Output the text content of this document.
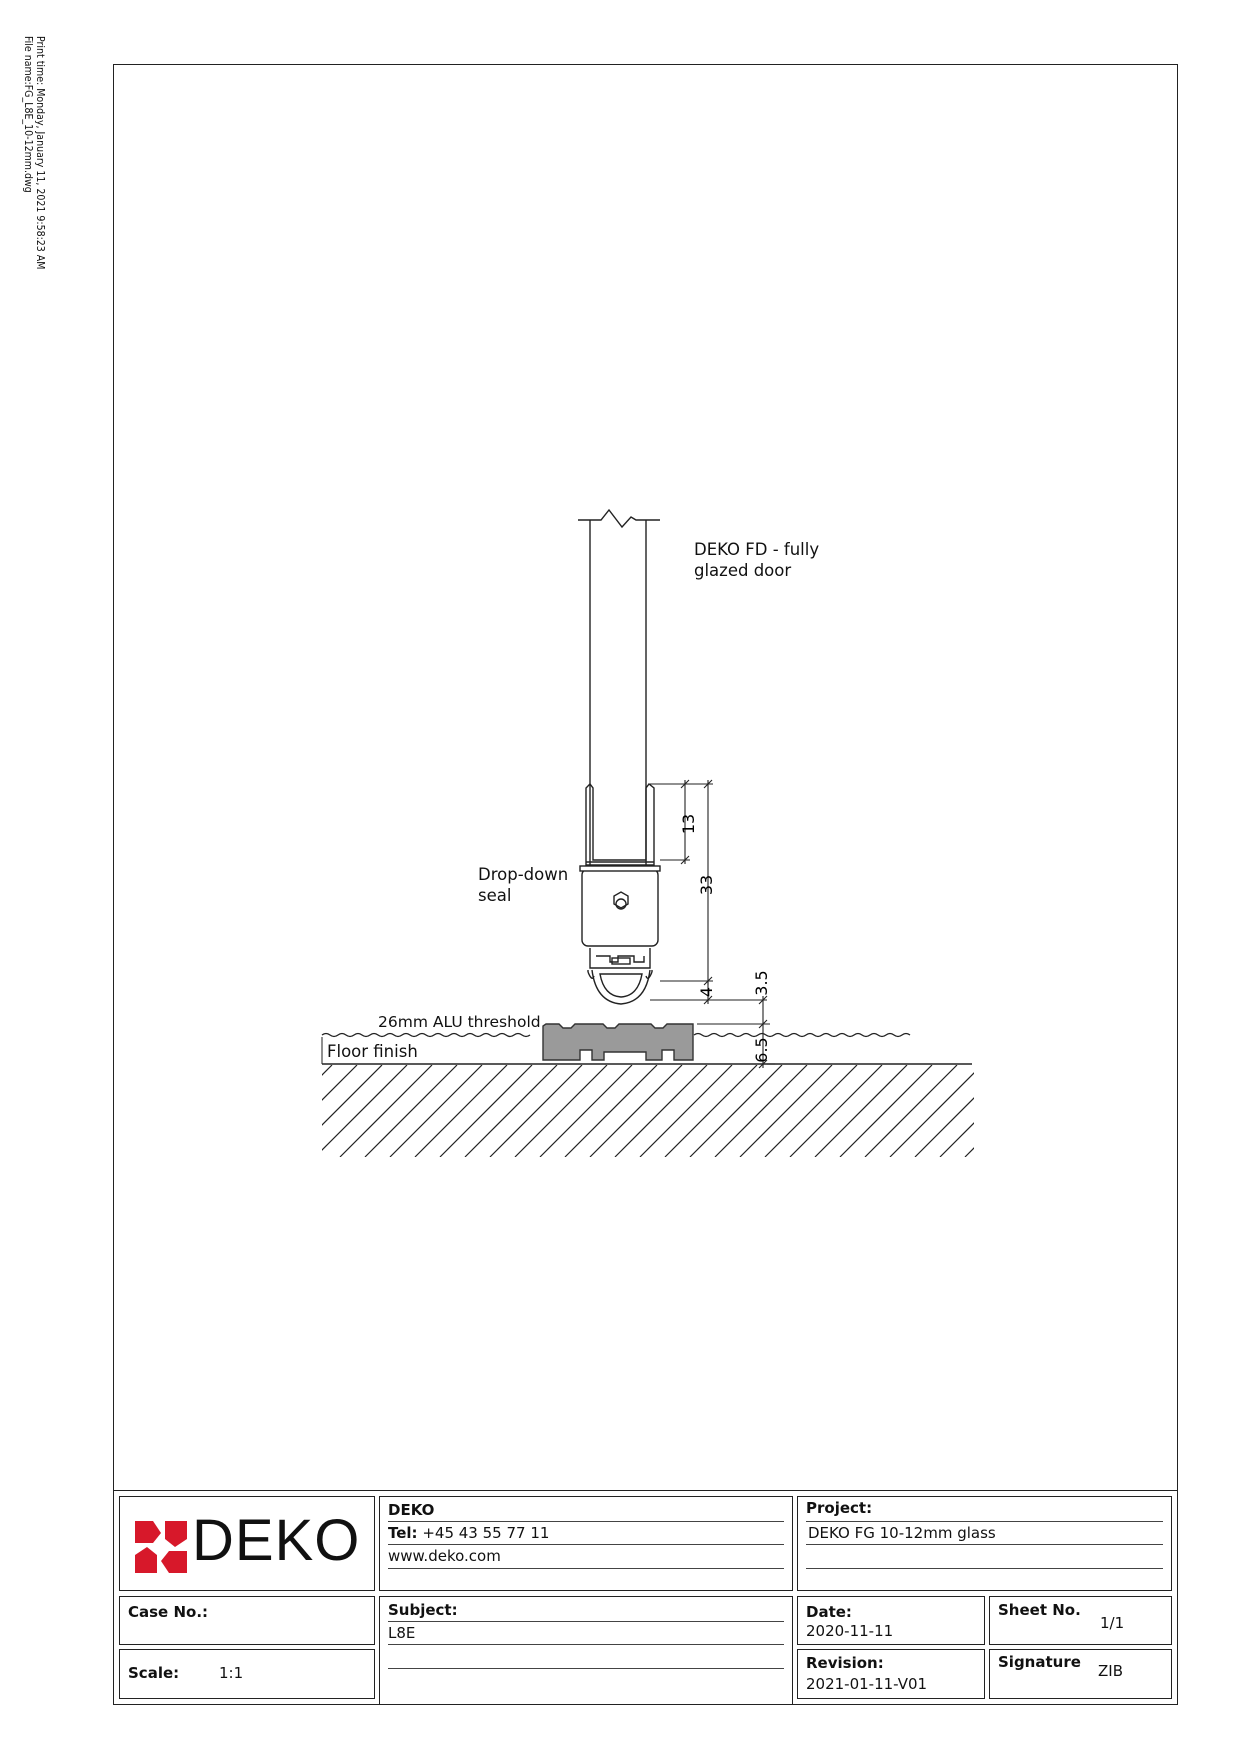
Print time: Monday, January 11, 2021 9:58:23 AM
File name:FG_L8E_10-12mm.dwg
13
33
4 3.5
6.5
DEKO FD - fully
glazed door
Drop-down
seal
26mm ALU threshold
Floor finish
DEKO DEKO
Tel: +45 43 55 77 11
www.deko.com
Project:
DEKO FG 10-12mm glass
Case No.:	Subject:
L8E
Date:
2020-11-11
Sheet No.
1/1
Scale:	1:1
Revision:
2021-01-11-V01
Signature ZIB
